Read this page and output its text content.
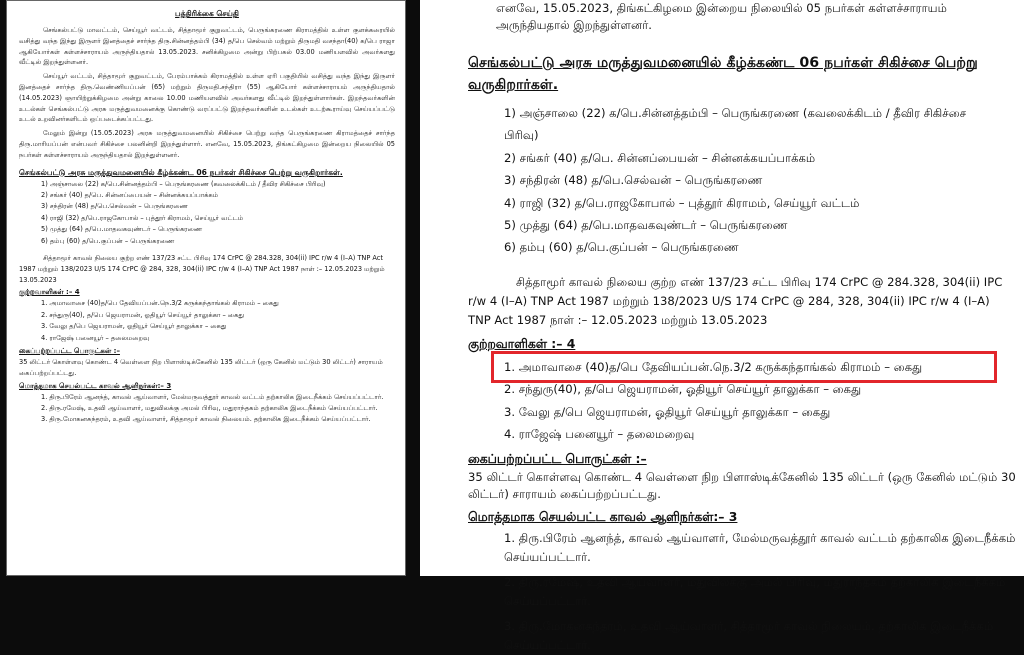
பத்திரிக்கை செய்தி

செங்கல்பட்டு மாவட்டம், செய்யூர் வட்டம், சித்தாமூர் குறுவட்டம், பெருங்கரணை கிராமத்தில் உள்ள குளக்கரையில் வசித்து வந்த இந்து இருளர் இனத்தைச் சார்ந்த திரு.சின்னத்தம்பி (34) த/பெ செல்வம் மற்றும் திருமதி வசந்தா(40) க/பெ ராஜா ஆகியோர்கள் கள்ளச்சாராயம் அருந்தியதால் 13.05.2023. சனிக்கிழமை அன்று பிற்பகல் 03.00 மணியளவில் அவர்களது வீட்டில் இறந்துள்ளனர்.

செய்யூர் வட்டம், சித்தாமூர் குறுவட்டம், பேரம்பாக்கம் கிராமத்தில் உள்ள ஏரி பகுதியில் வசித்து வந்த இந்து இருளர் இனத்தைச் சார்ந்த திரு.வெண்ணியப்பன் (65) மற்றும் திருமதி.சந்திரா (55) ஆகியோர் கள்ளச்சாராயம் அருந்தியதால் (14.05.2023) ஞாயிற்றுக்கிழமை அன்று காலை 10.00 மணியளவில் அவர்களது வீட்டில் இறந்துள்ளார்கள். இறந்தவர்களின் உடல்கள் செங்கல்பட்டு அரசு மருத்துவமனைக்கு கொண்டு வரப்பட்டு இறந்தவர்களின் உடல்கள் உடற்கூராய்வு செய்யப்பட்டு உடல் உறவினர்களிடம் ஒப்படைக்கப்பட்டது.

மேலும் இன்று (15.05.2023) அரசு மருத்துவமனையில் சிகிச்சை பெற்று வந்த பெருங்கரணை கிராமத்தைச் சார்ந்த திரு.மாரியப்பன் என்பவர் சிகிச்சை பலனின்றி இறந்துள்ளார். எனவே, 15.05.2023, திங்கட்கிழமை இன்றைய நிலையில் 05 நபர்கள் கள்ளச்சாராயம் அருந்தியதால் இறந்துள்ளனர்.

செங்கல்பட்டு அரசு மருத்துவமனையில் கீழ்க்கண்ட 06 நபர்கள் சிகிச்சை பெற்று வருகிறார்கள்.
1) அஞ்சாலை (22) க/பெ.சின்னத்தம்பி – பெருங்கரணை (கவலைக்கிடம் / தீவிர சிகிச்சை பிரிவு)
2) சங்கர் (40) த/பெ. சின்னப்பையன் – சின்னக்கயப்பாக்கம்
3) சந்திரன் (48) த/பெ.செல்வன் – பெருங்கரணை
4) ராஜி (32) த/பெ.ராஜகோபால் – புத்தூர் கிராமம், செய்யூர் வட்டம்
5) முத்து (64) த/பெ.மாதவகவுண்டர் – பெருங்கரணை
6) தம்பு (60) த/பெ.குப்பன் – பெருங்கரணை

சித்தாமூர் காவல் நிலைய குற்ற எண் 137/23 சட்ட பிரிவு 174 CrPC @ 284.328, 304(ii) IPC r/w 4 (I–A) TNP Act 1987 மற்றும் 138/2023 U/S 174 CrPC @ 284, 328, 304(ii) IPC r/w 4 (I–A) TNP Act 1987 நாள் :– 12.05.2023 மற்றும் 13.05.2023

குற்றவாளிகள் :– 4
1. அமாவாசை (40)த/பெ தேவியப்பன்.நெ.3/2 கருக்கந்தாங்கல் கிராமம் – கைது
2. சந்துரு(40), த/பெ ஜெயராமன், ஓதியூர் செய்யூர் தாலுக்கா – கைது
3. வேலு த/பெ ஜெயராமன், ஓதியூர் செய்யூர் தாலுக்கா – கைது
4. ராஜேஷ் பனையூர் – தலைமறைவு
கைப்பற்றப்பட்ட பொருட்கள் :–

35 லிட்டர் கொள்ளவு கொண்ட 4 வெள்ளை நிற பிளாஸ்டிக்கேனில் 135 லிட்டர் (ஒரு கேனில் மட்டும் 30 லிட்டர்) சாராயம் கைப்பற்றப்பட்டது.

மொத்தமாக செயல்பட்ட காவல் ஆளிநர்கள்:– 3
1. திரு.பிரேம் ஆனந்த், காவல் ஆய்வாளர், மேல்மருவத்தூர் காவல் வட்டம் தற்காலிக இடைநீக்கம் செய்யப்பட்டார்.
2. திரு.ரமேஷ், உதவி ஆய்வாளர், மதுவிலக்கு அமல் பிரிவு, மதுராந்தகம் தற்காலிக இடைநீக்கம் செய்யப்பட்டார்.
3. திரு.மோகனசுந்தரம், உதவி ஆய்வாளர், சித்தாமூர் காவல் நிலையம். தற்காலிக இடைநீக்கம் செய்யப்பட்டார்.
எனவே, 15.05.2023, திங்கட்கிழமை இன்றைய நிலையில் 05 நபர்கள் கள்ளச்சாராயம்
அருந்தியதால் இறந்துள்ளனர்.
செங்கல்பட்டு அரசு மருத்துவமனையில் கீழ்க்கண்ட 06 நபர்கள் சிகிச்சை பெற்று வருகிறார்கள்.
1) அஞ்சாலை (22) க/பெ.சின்னத்தம்பி – பெருங்கரணை (கவலைக்கிடம் / தீவிர சிகிச்சை
பிரிவு)
2) சங்கர் (40) த/பெ. சின்னப்பையன் – சின்னக்கயப்பாக்கம்
3) சந்திரன் (48) த/பெ.செல்வன் – பெருங்கரணை
4) ராஜி (32) த/பெ.ராஜகோபால் – புத்தூர் கிராமம், செய்யூர் வட்டம்
5) முத்து (64) த/பெ.மாதவகவுண்டர் – பெருங்கரணை
6) தம்பு (60) த/பெ.குப்பன் – பெருங்கரணை

சித்தாமூர் காவல் நிலைய குற்ற எண் 137/23 சட்ட பிரிவு 174 CrPC @ 284.328, 304(ii) IPC r/w 4 (I–A) TNP Act 1987 மற்றும் 138/2023 U/S 174 CrPC @ 284, 328, 304(ii) IPC r/w 4 (I–A) TNP Act 1987 நாள் :– 12.05.2023 மற்றும் 13.05.2023

குற்றவாளிகள் :– 4
1. அமாவாசை (40)த/பெ தேவியப்பன்.நெ.3/2 கருக்கந்தாங்கல் கிராமம் – கைது
2. சந்துரு(40), த/பெ ஜெயராமன், ஓதியூர் செய்யூர் தாலுக்கா – கைது
3. வேலு த/பெ ஜெயராமன், ஓதியூர் செய்யூர் தாலுக்கா – கைது
4. ராஜேஷ் பனையூர் – தலைமறைவு
கைப்பற்றப்பட்ட பொருட்கள் :–

35 லிட்டர் கொள்ளவு கொண்ட 4 வெள்ளை நிற பிளாஸ்டிக்கேனில் 135 லிட்டர் (ஒரு கேனில் மட்டும் 30 லிட்டர்) சாராயம் கைப்பற்றப்பட்டது.

மொத்தமாக செயல்பட்ட காவல் ஆளிநர்கள்:– 3
1. திரு.பிரேம் ஆனந்த், காவல் ஆய்வாளர், மேல்மருவத்தூர் காவல் வட்டம் தற்காலிக இடைநீக்கம் செய்யப்பட்டார்.
2. திரு.ரமேஷ், உதவி ஆய்வாளர், மதுவிலக்கு அமல் பிரிவு, மதுராந்தகம் தற்காலிக இடைநீக்கம் செய்யப்பட்டார்.
3. திரு.மோகனசுந்தரம், உதவி ஆய்வாளர், சித்தாமூர் காவல் நிலையம். தற்காலிக இடைநீக்கம் செய்யப்பட்டார்.
